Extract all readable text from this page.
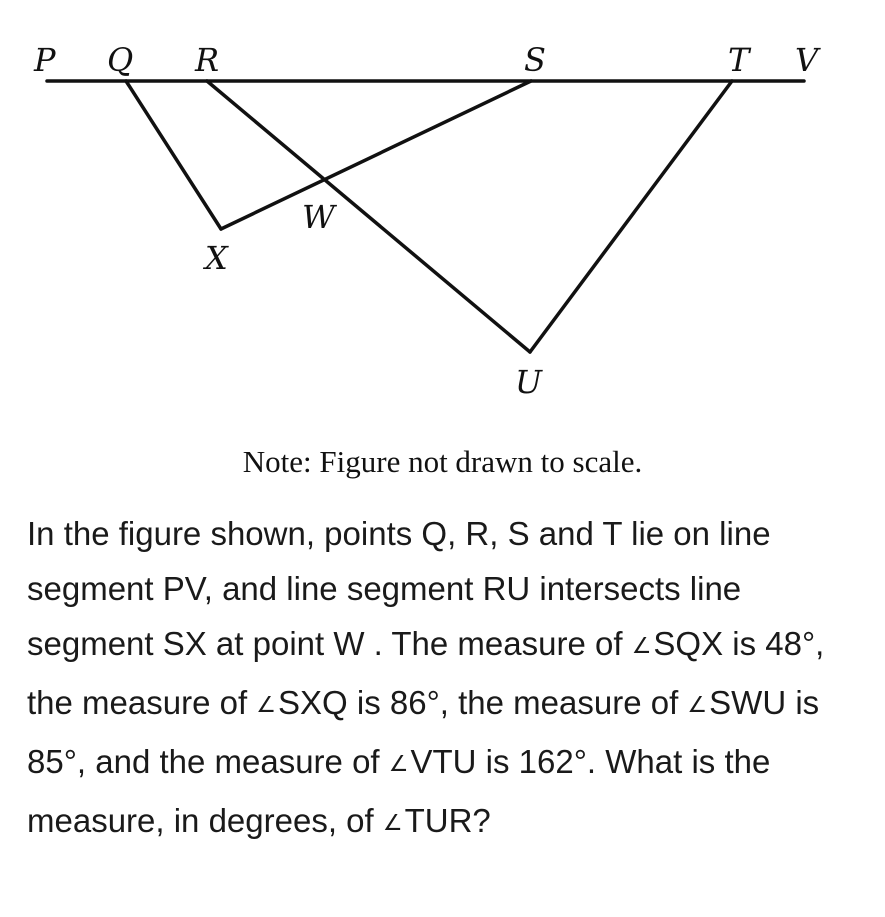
P Q R	S	T V
W
X
U
Note: Figure not drawn to scale.
In the figure shown, points Q, R, S and T lie on line segment PV, and line segment RU intersects line segment SX at point W . The measure of ∠SQX is 48°, the measure of ∠SXQ is 86°, the measure of ∠SWU is 85°, and the measure of ∠VTU is 162°. What is the measure, in degrees, of ∠TUR?
